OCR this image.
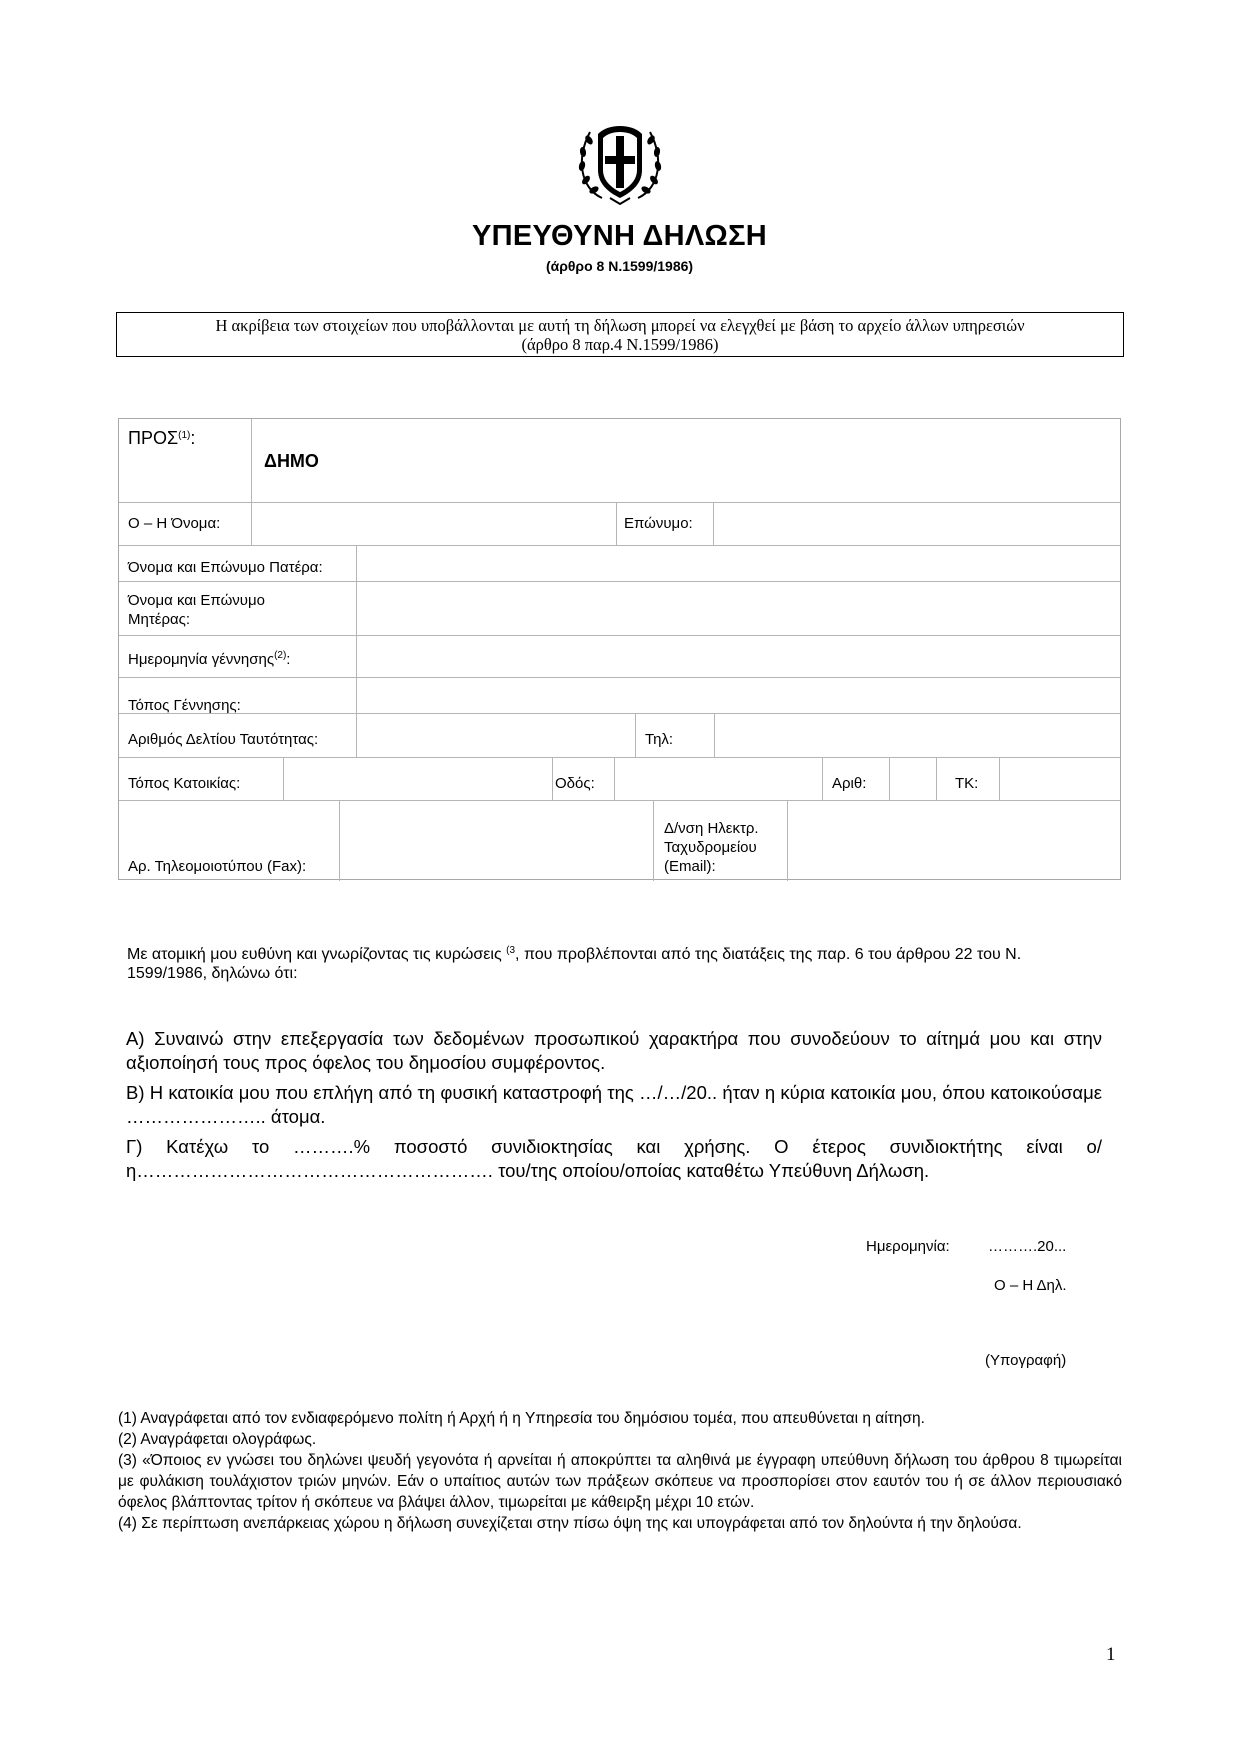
ΥΠΕΥΘΥΝΗ ΔΗΛΩΣΗ
(άρθρο 8 Ν.1599/1986)
Η ακρίβεια των στοιχείων που υποβάλλονται με αυτή τη δήλωση μπορεί να ελεγχθεί με βάση το αρχείο άλλων υπηρεσιών
(άρθρο 8 παρ.4 Ν.1599/1986)
ΠΡΟΣ$^{(1)}$:
ΔΗΜΟ
Ο – Η Όνομα:	Επώνυμο:
Όνομα και Επώνυμο Πατέρα:
Όνομα και Επώνυμο
Μητέρας:
Ημερομηνία γέννησης$^{(2)}$:
Τόπος Γέννησης:
Αριθμός Δελτίου Ταυτότητας:	Τηλ:
Τόπος Κατοικίας:	Οδός:	Αριθ:	ΤΚ:
Αρ. Τηλεομοιοτύπου (Fax):
Δ/νση Ηλεκτρ.
Ταχυδρομείου
(Email):
Με ατομική μου ευθύνη και γνωρίζοντας τις κυρώσεις $^{(3}$, που προβλέπονται από της διατάξεις της παρ. 6 του άρθρου 22 του Ν. 1599/1986, δηλώνω ότι:
Α) Συναινώ στην επεξεργασία των δεδομένων προσωπικού χαρακτήρα που συνοδεύουν το αίτημά μου και στην αξιοποίησή τους προς όφελος του δημοσίου συμφέροντος.
Β) Η κατοικία μου που επλήγη από τη φυσική καταστροφή της …/…/20.. ήταν η κύρια κατοικία μου, όπου κατοικούσαμε ………………….. άτομα.
Γ) Κατέχω το ……….% ποσοστό συνιδιοκτησίας και χρήσης. Ο έτερος συνιδιοκτήτης είναι ο/η…………………………………………………. του/της οποίου/οποίας καταθέτω Υπεύθυνη Δήλωση.
Ημερομηνία:	……….20...
Ο – Η Δηλ.
(Υπογραφή)
(1) Αναγράφεται από τον ενδιαφερόμενο πολίτη ή Αρχή ή η Υπηρεσία του δημόσιου τομέα, που απευθύνεται η αίτηση.
(2) Αναγράφεται ολογράφως.
(3) «Όποιος εν γνώσει του δηλώνει ψευδή γεγονότα ή αρνείται ή αποκρύπτει τα αληθινά με έγγραφη υπεύθυνη δήλωση του άρθρου 8 τιμωρείται με φυλάκιση τουλάχιστον τριών μηνών. Εάν ο υπαίτιος αυτών των πράξεων σκόπευε να προσπορίσει στον εαυτόν του ή σε άλλον περιουσιακό όφελος βλάπτοντας τρίτον ή σκόπευε να βλάψει άλλον, τιμωρείται με κάθειρξη μέχρι 10 ετών.
(4) Σε περίπτωση ανεπάρκειας χώρου η δήλωση συνεχίζεται στην πίσω όψη της και υπογράφεται από τον δηλούντα ή την δηλούσα.
1
